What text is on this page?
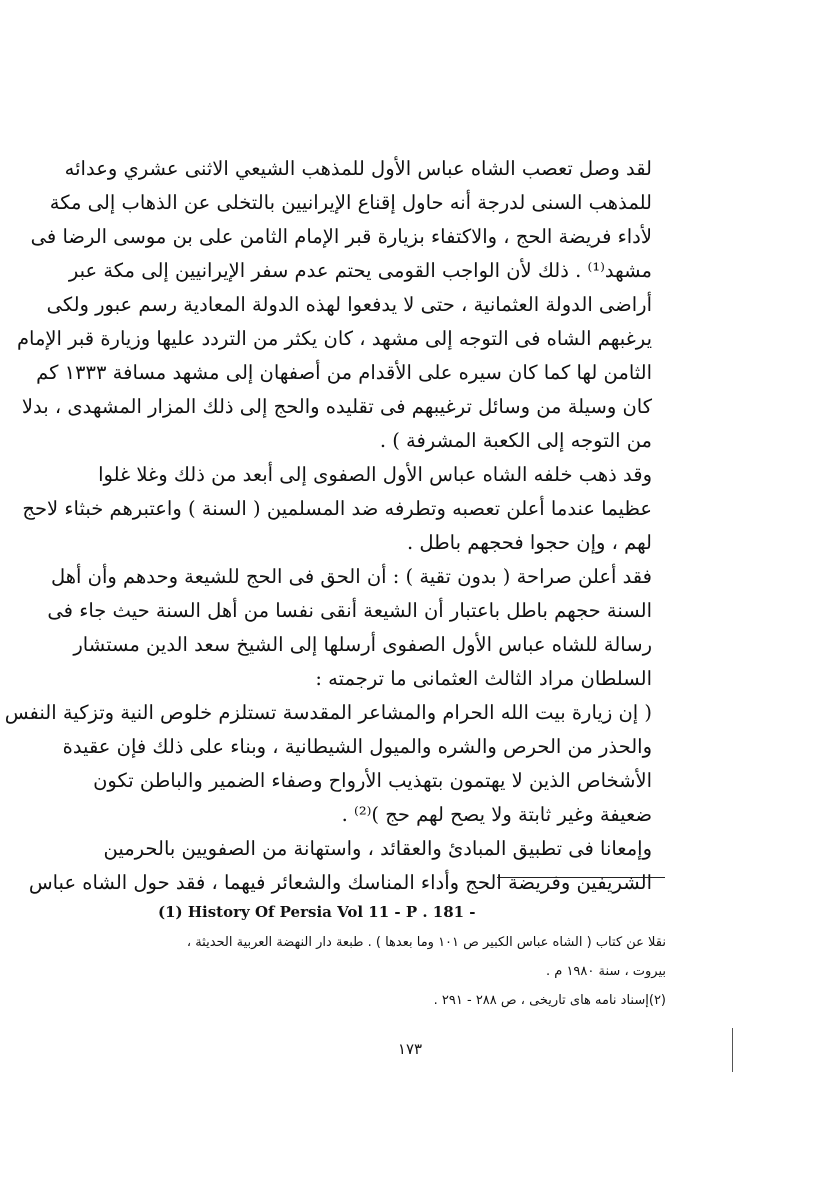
لقد وصل تعصب الشاه عباس الأول للمذهب الشيعي الاثنى عشري وعدائه
للمذهب السنى لدرجة أنه حاول إقناع الإيرانيين بالتخلى عن الذهاب إلى مكة
لأداء فريضة الحج ، والاكتفاء بزيارة قبر الإمام الثامن على بن موسى الرضا فى
مشهد⁽¹⁾ . ذلك لأن الواجب القومى يحتم عدم سفر الإيرانيين إلى مكة عبر
أراضى الدولة العثمانية ، حتى لا يدفعوا لهذه الدولة المعادية رسم عبور ولكى
يرغبهم الشاه فى التوجه إلى مشهد ، كان يكثر من التردد عليها وزيارة قبر الإمام
الثامن لها كما كان سيره على الأقدام من أصفهان إلى مشهد مسافة ١٣٣٣ كم
كان وسيلة من وسائل ترغيبهم فى تقليده والحج إلى ذلك المزار المشهدى ، بدلا
من التوجه إلى الكعبة المشرفة ) .

وقد ذهب خلفه الشاه عباس الأول الصفوى إلى أبعد من ذلك وغلا غلوا
عظيما عندما أعلن تعصبه وتطرفه ضد المسلمين ( السنة ) واعتبرهم خبثاء لاحج
لهم ، وإن حجوا فحجهم باطل .

فقد أعلن صراحة ( بدون تقية ) : أن الحق فى الحج للشيعة وحدهم وأن أهل
السنة حجهم باطل باعتبار أن الشيعة أنقى نفسا من أهل السنة حيث جاء فى
رسالة للشاه عباس الأول الصفوى أرسلها إلى الشيخ سعد الدين مستشار
السلطان مراد الثالث العثمانى ما ترجمته :

( إن زيارة بيت الله الحرام والمشاعر المقدسة تستلزم خلوص النية وتزكية النفس
والحذر من الحرص والشره والميول الشيطانية ، وبناء على ذلك فإن عقيدة
الأشخاص الذين لا يهتمون بتهذيب الأرواح وصفاء الضمير والباطن تكون
ضعيفة وغير ثابتة ولا يصح لهم حج )⁽²⁾ .

وإمعانا فى تطبيق المبادئ والعقائد ، واستهانة من الصفويين بالحرمين
الشريفين وفريضة الحج وأداء المناسك والشعائر فيهما ، فقد حول الشاه عباس

(1) History Of Persia Vol 11 - P . 181 -
نقلا عن كتاب ( الشاه عباس الكبير ص ١٠١ وما بعدها ) . طبعة دار النهضة العربية الحديثة ،
بيروت ، سنة ١٩٨٠ م .
(٢)إسناد نامه هاى تاريخى ، ص ٢٨٨ - ٢٩١ .
١٧٣
